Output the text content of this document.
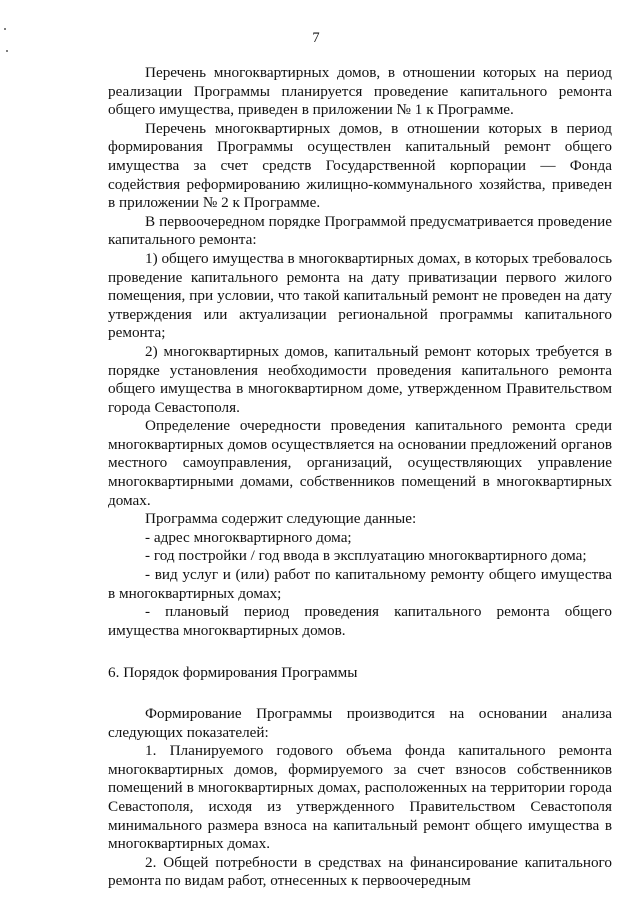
7

Перечень многоквартирных домов, в отношении которых на период реализации Программы планируется проведение капитального ремонта общего имущества, приведен в приложении № 1 к Программе.

Перечень многоквартирных домов, в отношении которых в период формирования Программы осуществлен капитальный ремонт общего имущества за счет средств Государственной корпорации — Фонда содействия реформированию жилищно-коммунального хозяйства, приведен в приложении № 2 к Программе.

В первоочередном порядке Программой предусматривается проведение капитального ремонта:

1) общего имущества в многоквартирных домах, в которых требовалось проведение капитального ремонта на дату приватизации первого жилого помещения, при условии, что такой капитальный ремонт не проведен на дату утверждения или актуализации региональной программы капитального ремонта;

2) многоквартирных домов, капитальный ремонт которых требуется в порядке установления необходимости проведения капитального ремонта общего имущества в многоквартирном доме, утвержденном Правительством города Севастополя.

Определение очередности проведения капитального ремонта среди многоквартирных домов осуществляется на основании предложений органов местного самоуправления, организаций, осуществляющих управление многоквартирными домами, собственников помещений в многоквартирных домах.

Программа содержит следующие данные:

- адрес многоквартирного дома;

- год постройки / год ввода в эксплуатацию многоквартирного дома;

- вид услуг и (или) работ по капитальному ремонту общего имущества в многоквартирных домах;

- плановый период проведения капитального ремонта общего имущества многоквартирных домов.

6. Порядок формирования Программы

Формирование Программы производится на основании анализа следующих показателей:

1. Планируемого годового объема фонда капитального ремонта многоквартирных домов, формируемого за счет взносов собственников помещений в многоквартирных домах, расположенных на территории города Севастополя, исходя из утвержденного Правительством Севастополя минимального размера взноса на капитальный ремонт общего имущества в многоквартирных домах.

2. Общей потребности в средствах на финансирование капитального ремонта по видам работ, отнесенных к первоочередным
